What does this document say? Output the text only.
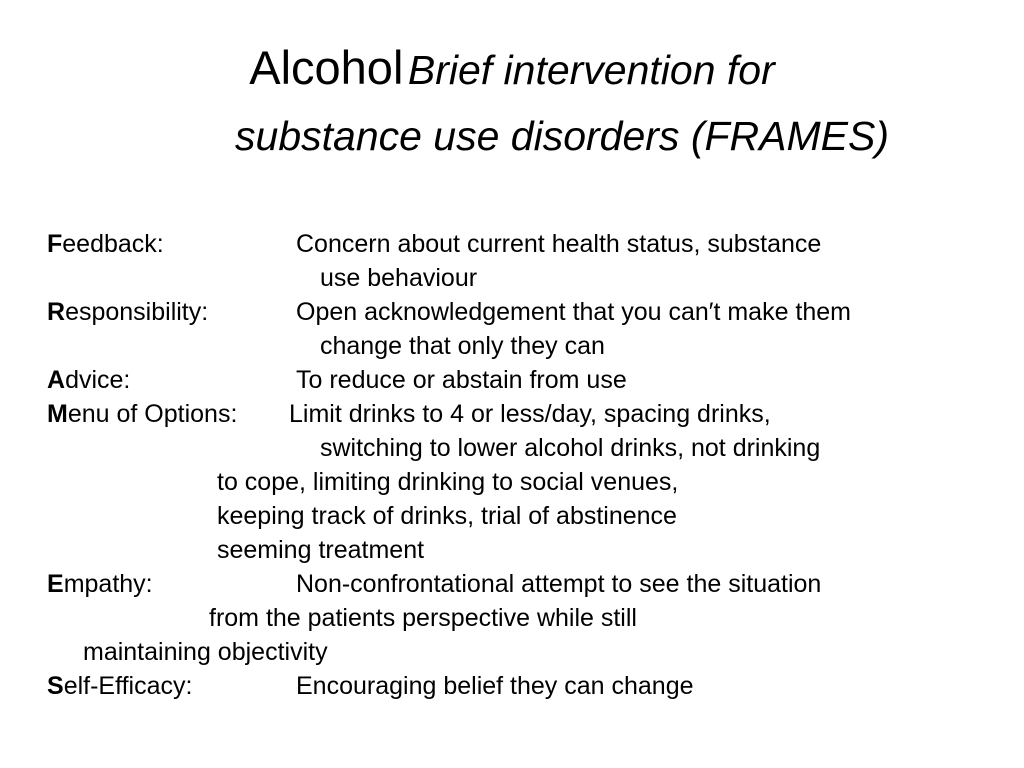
Alcohol Brief intervention for
substance use disorders (FRAMES)
Feedback:	Concern about current health status, substance
use behaviour
Responsibility:	Open acknowledgement that you can′t make them
change that only they can
Advice:	To reduce or abstain from use
Menu of Options: Limit drinks to 4 or less/day, spacing drinks,
switching to lower alcohol drinks, not drinking
to cope, limiting drinking to social venues,
keeping track of drinks, trial of abstinence
seeming treatment
Empathy:	Non-confrontational attempt to see the situation
from the patients perspective while still
maintaining objectivity
Self-Efficacy:	Encouraging belief they can change
